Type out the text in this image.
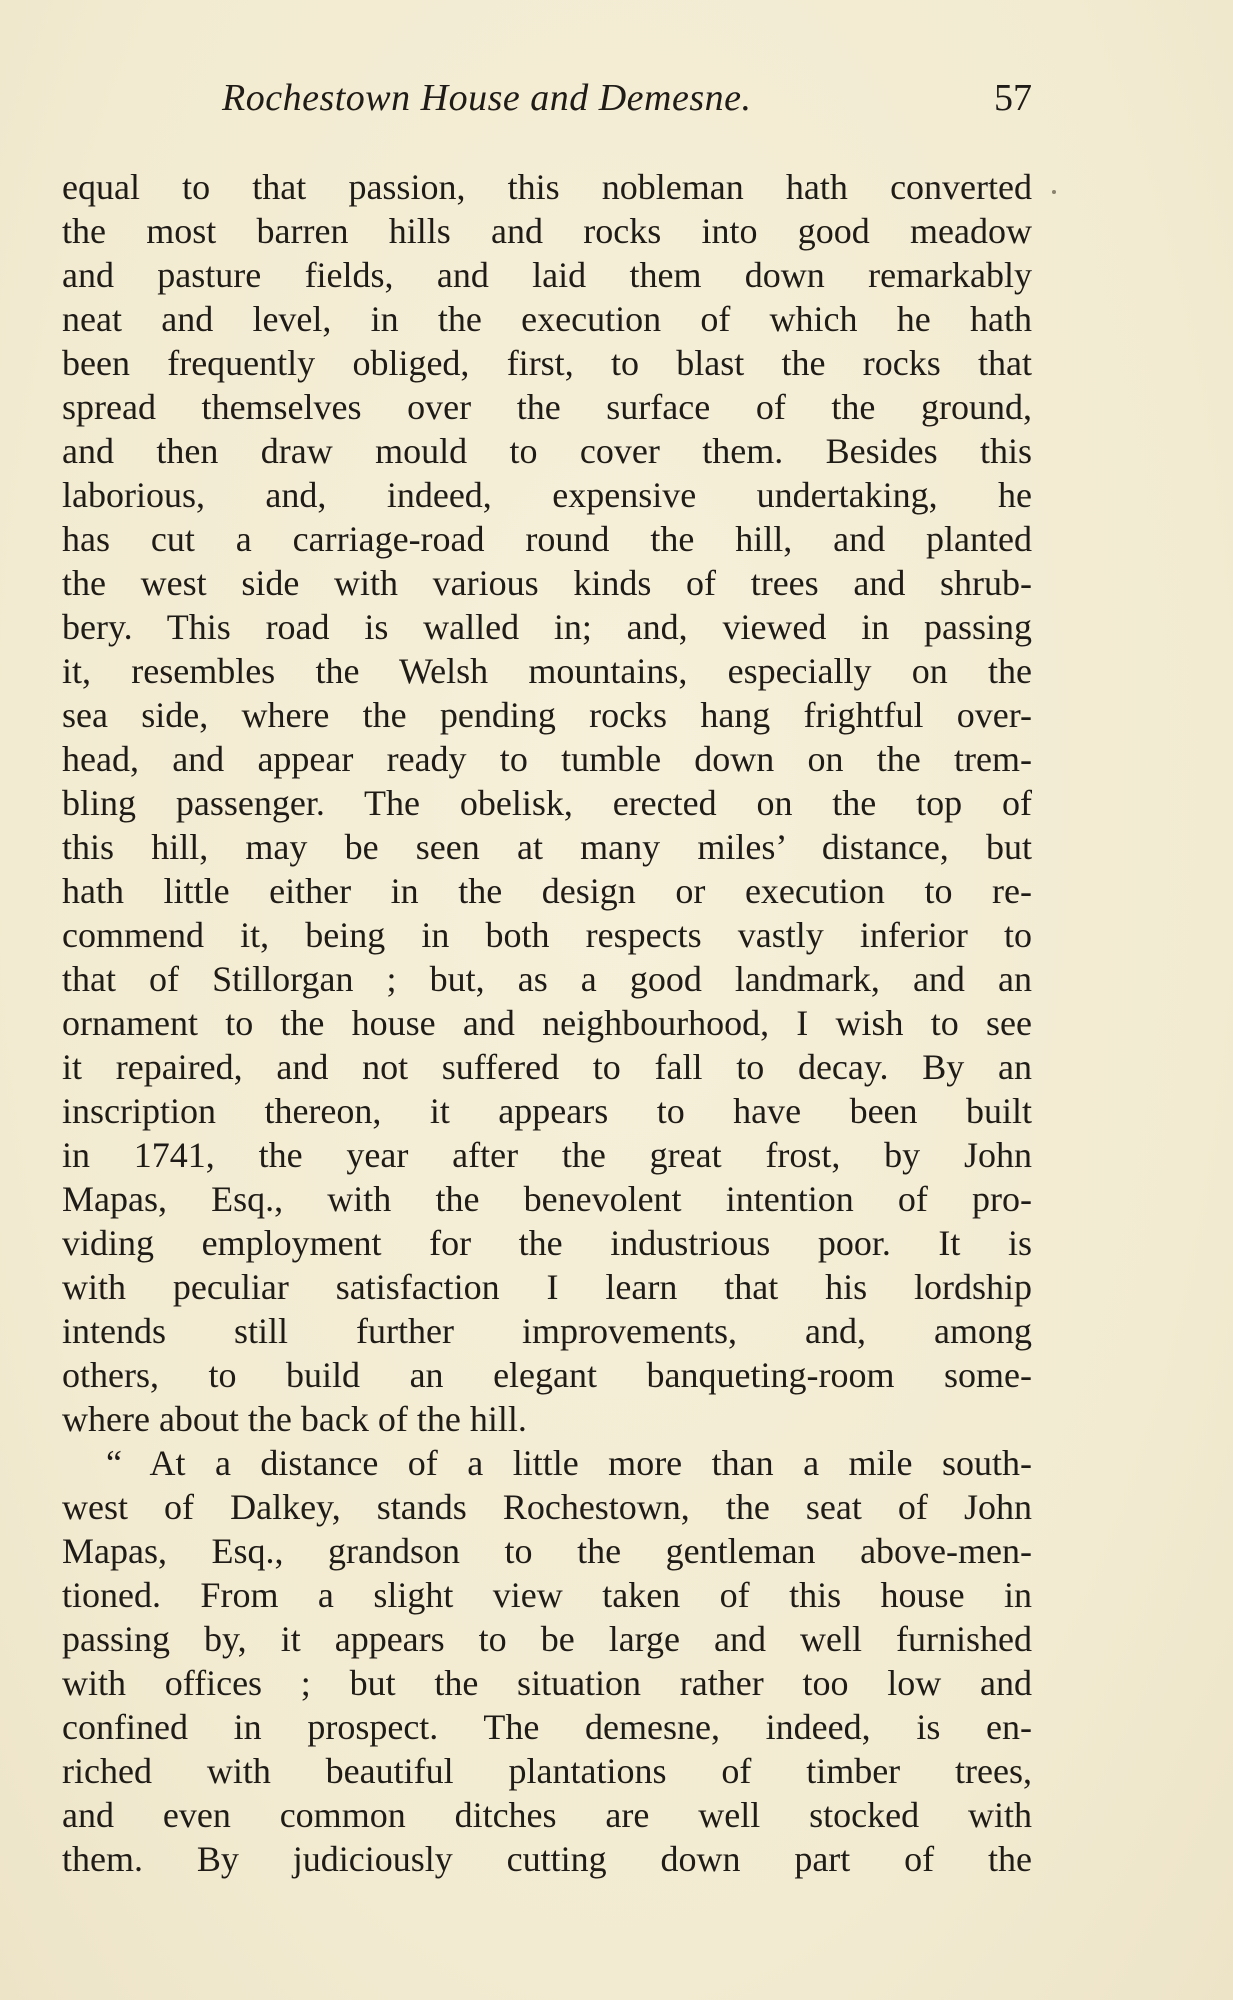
Rochestown House and Demesne.	57
equal to that passion, this nobleman hath converted
the most barren hills and rocks into good meadow
and pasture fields, and laid them down remarkably
neat and level, in the execution of which he hath
been frequently obliged, first, to blast the rocks that
spread themselves over the surface of the ground,
and then draw mould to cover them. Besides this
laborious, and, indeed, expensive undertaking, he
has cut a carriage-road round the hill, and planted
the west side with various kinds of trees and shrub-
bery. This road is walled in; and, viewed in passing
it, resembles the Welsh mountains, especially on the
sea side, where the pending rocks hang frightful over-
head, and appear ready to tumble down on the trem-
bling passenger. The obelisk, erected on the top of
this hill, may be seen at many miles’ distance, but
hath little either in the design or execution to re-
commend it, being in both respects vastly inferior to
that of Stillorgan ; but, as a good landmark, and an
ornament to the house and neighbourhood, I wish to see
it repaired, and not suffered to fall to decay. By an
inscription thereon, it appears to have been built
in 1741, the year after the great frost, by John
Mapas, Esq., with the benevolent intention of pro-
viding employment for the industrious poor. It is
with peculiar satisfaction I learn that his lordship
intends still further improvements, and, among
others, to build an elegant banqueting-room some-
where about the back of the hill.
“ At a distance of a little more than a mile south-
west of Dalkey, stands Rochestown, the seat of John
Mapas, Esq., grandson to the gentleman above-men-
tioned. From a slight view taken of this house in
passing by, it appears to be large and well furnished
with offices ; but the situation rather too low and
confined in prospect. The demesne, indeed, is en-
riched with beautiful plantations of timber trees,
and even common ditches are well stocked with
them. By judiciously cutting down part of the
